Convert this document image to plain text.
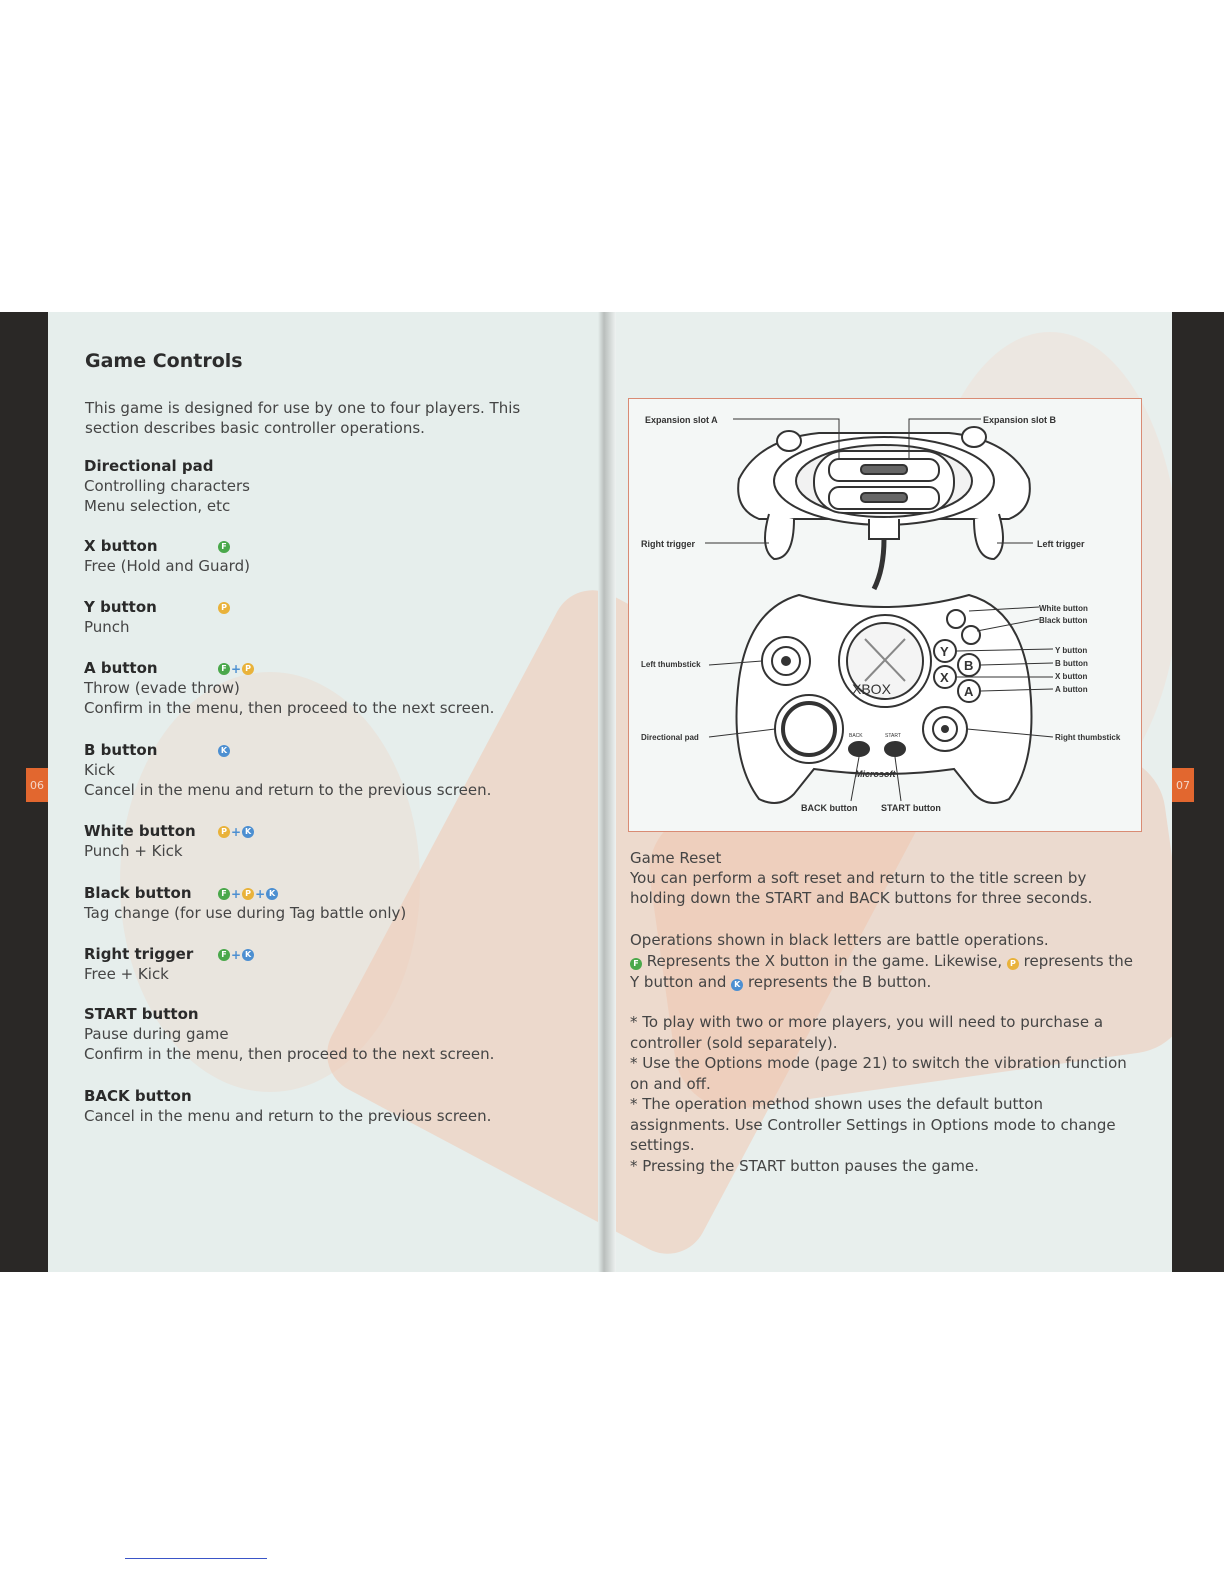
06	07
Game Controls

This game is designed for use by one to four players. This section describes basic controller operations.

Directional pad
Controlling characters
Menu selection, etc
X button	F
Free (Hold and Guard)
Y button	P
Punch
A button	F + P
Throw (evade throw)
Confirm in the menu, then proceed to the next screen.
B button	K
Kick
Cancel in the menu and return to the previous screen.
White button	P + K
Punch + Kick
Black button	F + P + K
Tag change (for use during Tag battle only)
Right trigger	F + K
Free + Kick
START button
Pause during game
Confirm in the menu, then proceed to the next screen.
BACK button
Cancel in the menu and return to the previous screen.
Y
B
X
A
XBOX
Microsoft
BACK	START
Expansion slot A	Expansion slot B
Right trigger	Left trigger
White button
Black button
Y button
B button
X button
A button
Left thumbstick
Directional pad	Right thumbstick
BACK button	START button

Game Reset

You can perform a soft reset and return to the title screen by holding down the START and BACK buttons for three seconds.

Operations shown in black letters are battle operations.

F Represents the X button in the game. Likewise, P represents the Y button and K represents the B button.

* To play with two or more players, you will need to purchase a controller (sold separately).

* Use the Options mode (page 21) to switch the vibration function on and off.

* The operation method shown uses the default button assignments. Use Controller Settings in Options mode to change settings.

* Pressing the START button pauses the game.
